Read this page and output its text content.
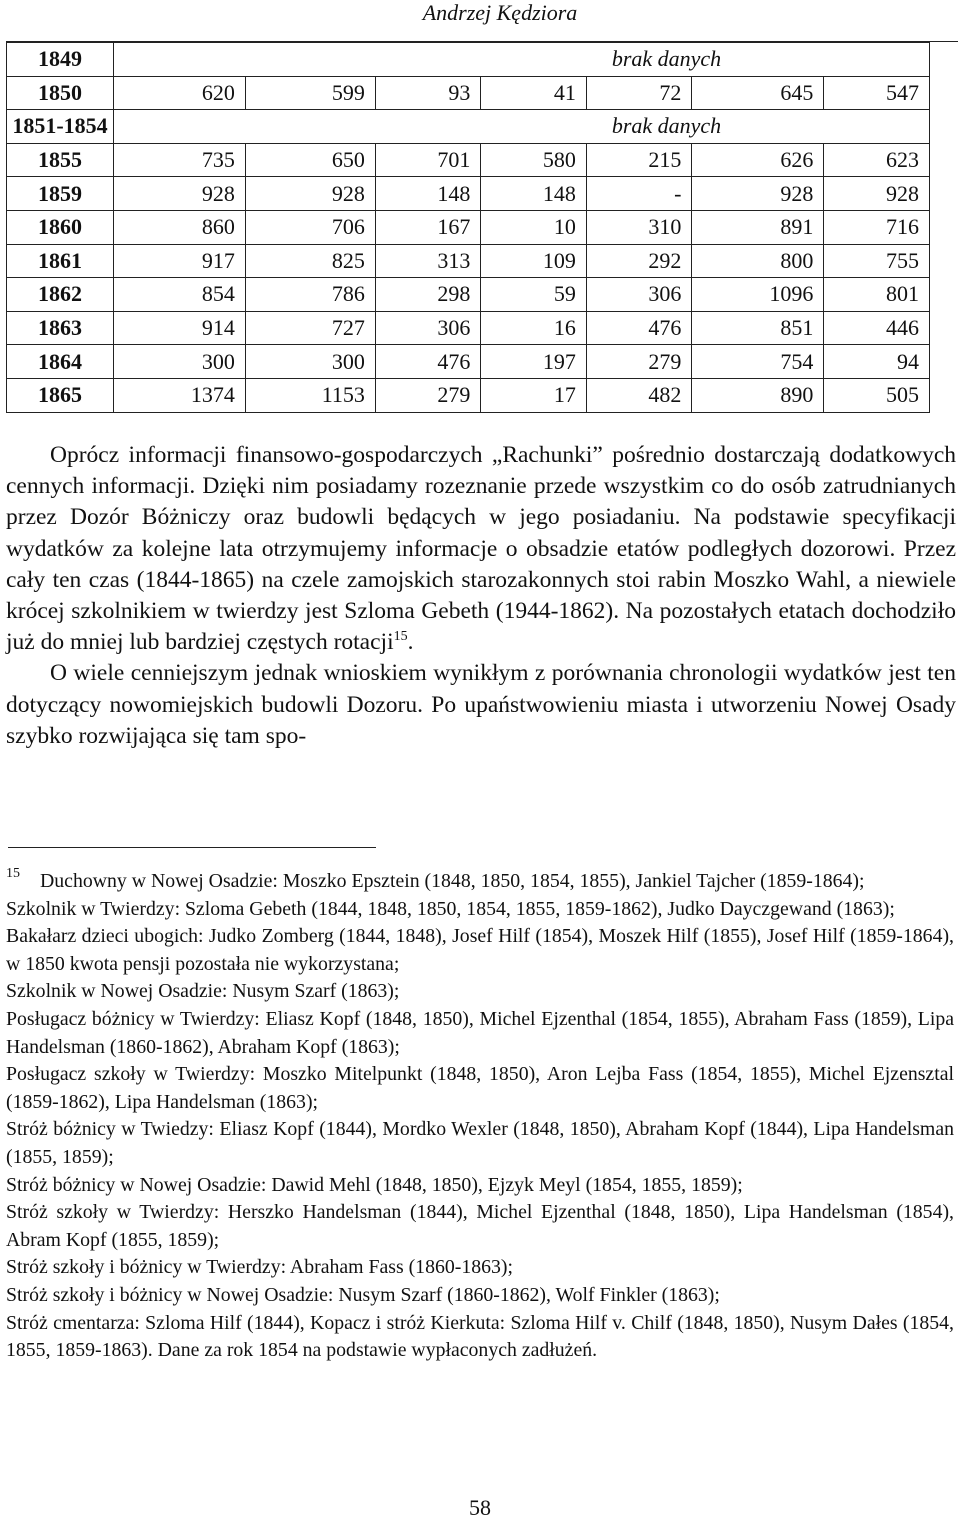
Andrzej Kędziora
1849	brak danych						
1850	620	599	93	41	72	645	547
1851-1854	brak danych						
1855	735	650	701	580	215	626	623
1859	928	928	148	148	-	928	928
1860	860	706	167	10	310	891	716
1861	917	825	313	109	292	800	755
1862	854	786	298	59	306	1096	801
1863	914	727	306	16	476	851	446
1864	300	300	476	197	279	754	94
1865	1374	1153	279	17	482	890	505

Oprócz informacji finansowo-gospodarczych „Rachunki” pośrednio dostarczają dodatkowych cennych informacji. Dzięki nim posiadamy rozeznanie przede wszystkim co do osób zatrudnianych przez Dozór Bóżniczy oraz budowli będących w jego posiadaniu. Na podstawie specyfikacji wydatków za kolejne lata otrzymujemy informacje o obsadzie etatów podległych dozorowi. Przez cały ten czas (1844-1865) na czele zamojskich starozakonnych stoi rabin Moszko Wahl, a niewiele krócej szkolnikiem w twierdzy jest Szloma Gebeth (1944-1862). Na pozostałych etatach dochodziło już do mniej lub bardziej częstych rotacji$^{15}$.

O wiele cenniejszym jednak wnioskiem wynikłym z porównania chronologii wydatków jest ten dotyczący nowomiejskich budowli Dozoru. Po upaństwowieniu miasta i utworzeniu Nowej Osady szybko rozwijająca się tam spo-

$^{15}$ Duchowny w Nowej Osadzie: Moszko Epsztein (1848, 1850, 1854, 1855), Jankiel Tajcher (1859-1864);

Szkolnik w Twierdzy: Szloma Gebeth (1844, 1848, 1850, 1854, 1855, 1859-1862), Judko Dayczgewand (1863);

Bakałarz dzieci ubogich: Judko Zomberg (1844, 1848), Josef Hilf (1854), Moszek Hilf (1855), Josef Hilf (1859-1864), w 1850 kwota pensji pozostała nie wykorzystana;

Szkolnik w Nowej Osadzie: Nusym Szarf (1863);

Posługacz bóżnicy w Twierdzy: Eliasz Kopf (1848, 1850), Michel Ejzenthal (1854, 1855), Abraham Fass (1859), Lipa Handelsman (1860-1862), Abraham Kopf (1863);

Posługacz szkoły w Twierdzy: Moszko Mitelpunkt (1848, 1850), Aron Lejba Fass (1854, 1855), Michel Ejzensztal (1859-1862), Lipa Handelsman (1863);

Stróż bóżnicy w Twiedzy: Eliasz Kopf (1844), Mordko Wexler (1848, 1850), Abraham Kopf (1844), Lipa Handelsman (1855, 1859);

Stróż bóżnicy w Nowej Osadzie: Dawid Mehl (1848, 1850), Ejzyk Meyl (1854, 1855, 1859);

Stróż szkoły w Twierdzy: Herszko Handelsman (1844), Michel Ejzenthal (1848, 1850), Lipa Handelsman (1854), Abram Kopf (1855, 1859);

Stróż szkoły i bóżnicy w Twierdzy: Abraham Fass (1860-1863);

Stróż szkoły i bóżnicy w Nowej Osadzie: Nusym Szarf (1860-1862), Wolf Finkler (1863);

Stróż cmentarza: Szloma Hilf (1844), Kopacz i stróż Kierkuta: Szloma Hilf v. Chilf (1848, 1850), Nusym Dałes (1854, 1855, 1859-1863). Dane za rok 1854 na podstawie wypłaconych zadłużeń.

58
